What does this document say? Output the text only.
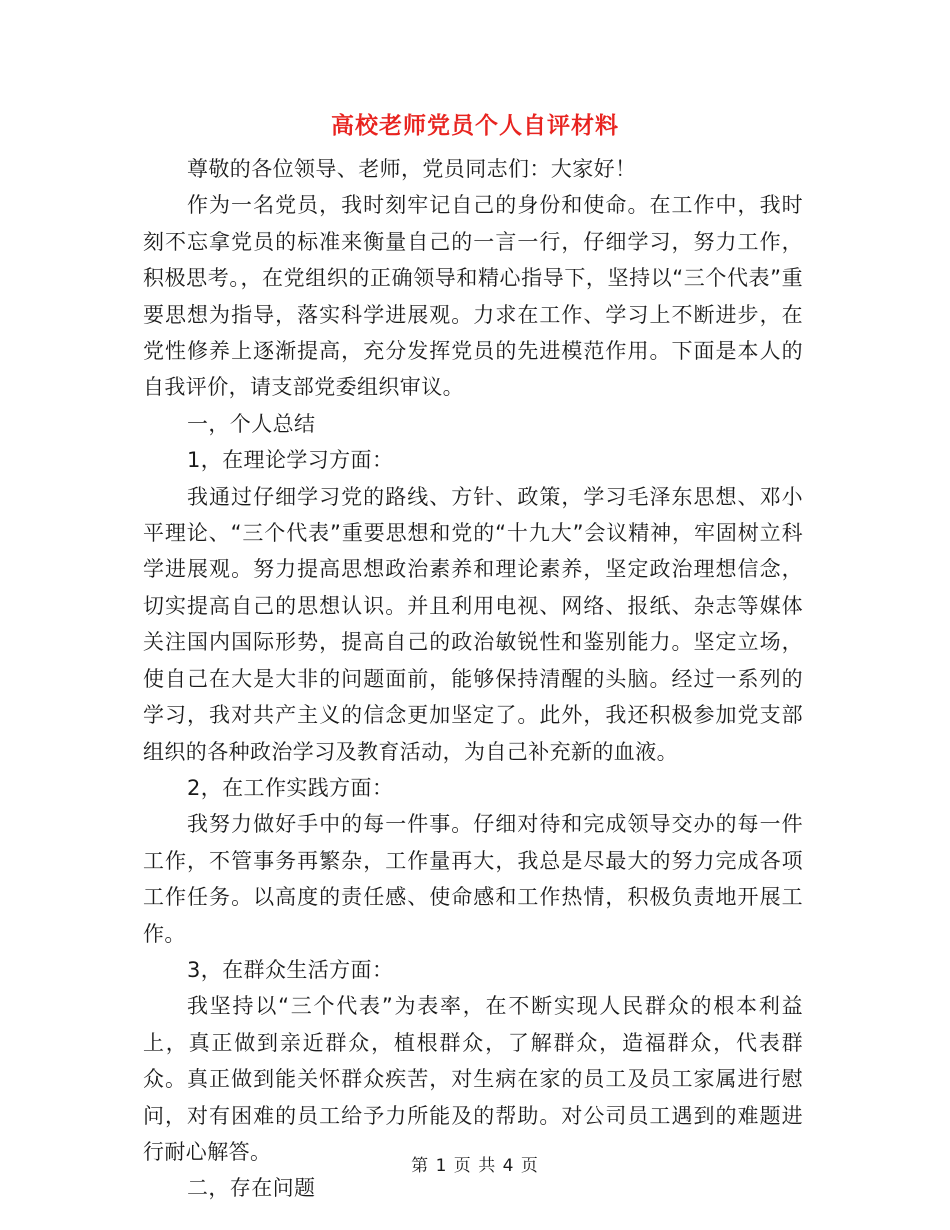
高校老师党员个人自评材料

尊敬的各位领导、老师，党员同志们：大家好！

作为一名党员，我时刻牢记自己的身份和使命。在工作中，我时刻不忘拿党员的标准来衡量自己的一言一行，仔细学习，努力工作，积极思考。，在党组织的正确领导和精心指导下，坚持以“三个代表”重要思想为指导，落实科学进展观。力求在工作、学习上不断进步，在党性修养上逐渐提高，充分发挥党员的先进模范作用。下面是本人的自我评价，请支部党委组织审议。

一，个人总结

1，在理论学习方面：

我通过仔细学习党的路线、方针、政策，学习毛泽东思想、邓小平理论、“三个代表”重要思想和党的“十九大”会议精神，牢固树立科学进展观。努力提高思想政治素养和理论素养，坚定政治理想信念，切实提高自己的思想认识。并且利用电视、网络、报纸、杂志等媒体关注国内国际形势，提高自己的政治敏锐性和鉴别能力。坚定立场，使自己在大是大非的问题面前，能够保持清醒的头脑。经过一系列的学习，我对共产主义的信念更加坚定了。此外，我还积极参加党支部组织的各种政治学习及教育活动，为自己补充新的血液。

2，在工作实践方面：

我努力做好手中的每一件事。仔细对待和完成领导交办的每一件工作，不管事务再繁杂，工作量再大，我总是尽最大的努力完成各项工作任务。以高度的责任感、使命感和工作热情，积极负责地开展工作。

3，在群众生活方面：

我坚持以“三个代表”为表率，在不断实现人民群众的根本利益上，真正做到亲近群众，植根群众，了解群众，造福群众，代表群众。真正做到能关怀群众疾苦，对生病在家的员工及员工家属进行慰问，对有困难的员工给予力所能及的帮助。对公司员工遇到的难题进行耐心解答。

二，存在问题

第 1 页 共 4 页
